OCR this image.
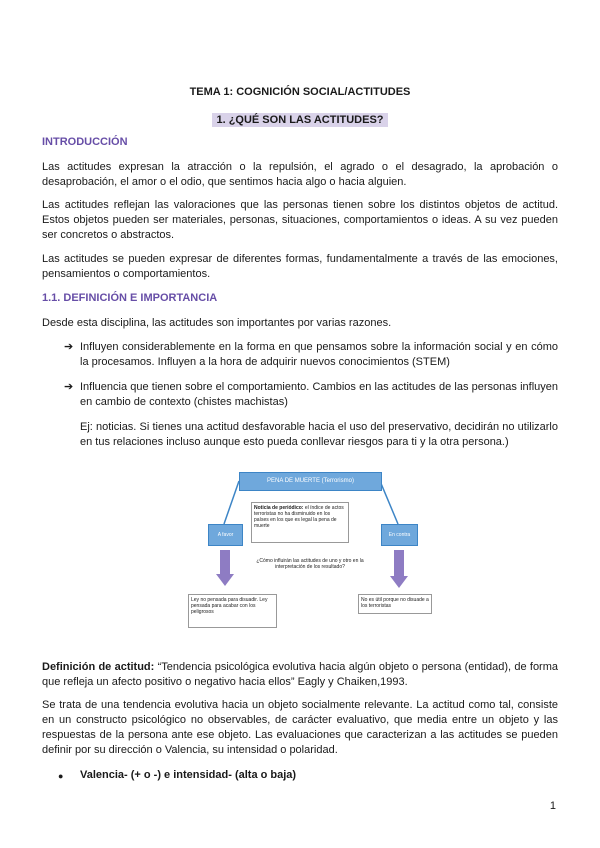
TEMA 1: COGNICIÓN SOCIAL/ACTITUDES
1. ¿QUÉ SON LAS ACTITUDES?
INTRODUCCIÓN
Las actitudes expresan la atracción o la repulsión, el agrado o el desagrado, la aprobación o desaprobación, el amor o el odio, que sentimos hacia algo o hacia alguien.
Las actitudes reflejan las valoraciones que las personas tienen sobre los distintos objetos de actitud. Estos objetos pueden ser materiales, personas, situaciones, comportamientos o ideas. A su vez pueden ser concretos o abstractos.
Las actitudes se pueden expresar de diferentes formas, fundamentalmente a través de las emociones, pensamientos o comportamientos.
1.1. DEFINICIÓN E IMPORTANCIA
Desde esta disciplina, las actitudes son importantes por varias razones.
➔ Influyen considerablemente en la forma en que pensamos sobre la información social y en cómo la procesamos. Influyen a la hora de adquirir nuevos conocimientos (STEM)
➔ Influencia que tienen sobre el comportamiento. Cambios en las actitudes de las personas influyen en cambio de contexto (chistes machistas)
Ej: noticias. Si tienes una actitud desfavorable hacia el uso del preservativo, decidirán no utilizarlo en tus relaciones incluso aunque esto pueda conllevar riesgos para ti y la otra persona.)
PENA DE MUERTE (Terrorismo)
Noticia de periódico: el índice de actos terroristas no ha disminuido en los países en los que es legal la pena de muerte
A favor	En contra
¿Cómo influirán las actitudes de uno y otro en la interpretación de los resultado?
Ley no pensada para disuadir. Ley pensada para acabar con los peligrosos
No es útil porque no disuade a los terroristas
Definición de actitud: “Tendencia psicológica evolutiva hacia algún objeto o persona (entidad), de forma que refleja un afecto positivo o negativo hacia ellos” Eagly y Chaiken,1993.
Se trata de una tendencia evolutiva hacia un objeto socialmente relevante. La actitud como tal, consiste en un constructo psicológico no observables, de carácter evaluativo, que media entre un objeto y las respuestas de la persona ante ese objeto. Las evaluaciones que caracterizan a las actitudes se pueden definir por su dirección o Valencia, su intensidad o polaridad.
● Valencia- (+ o -) e intensidad- (alta o baja)
1
